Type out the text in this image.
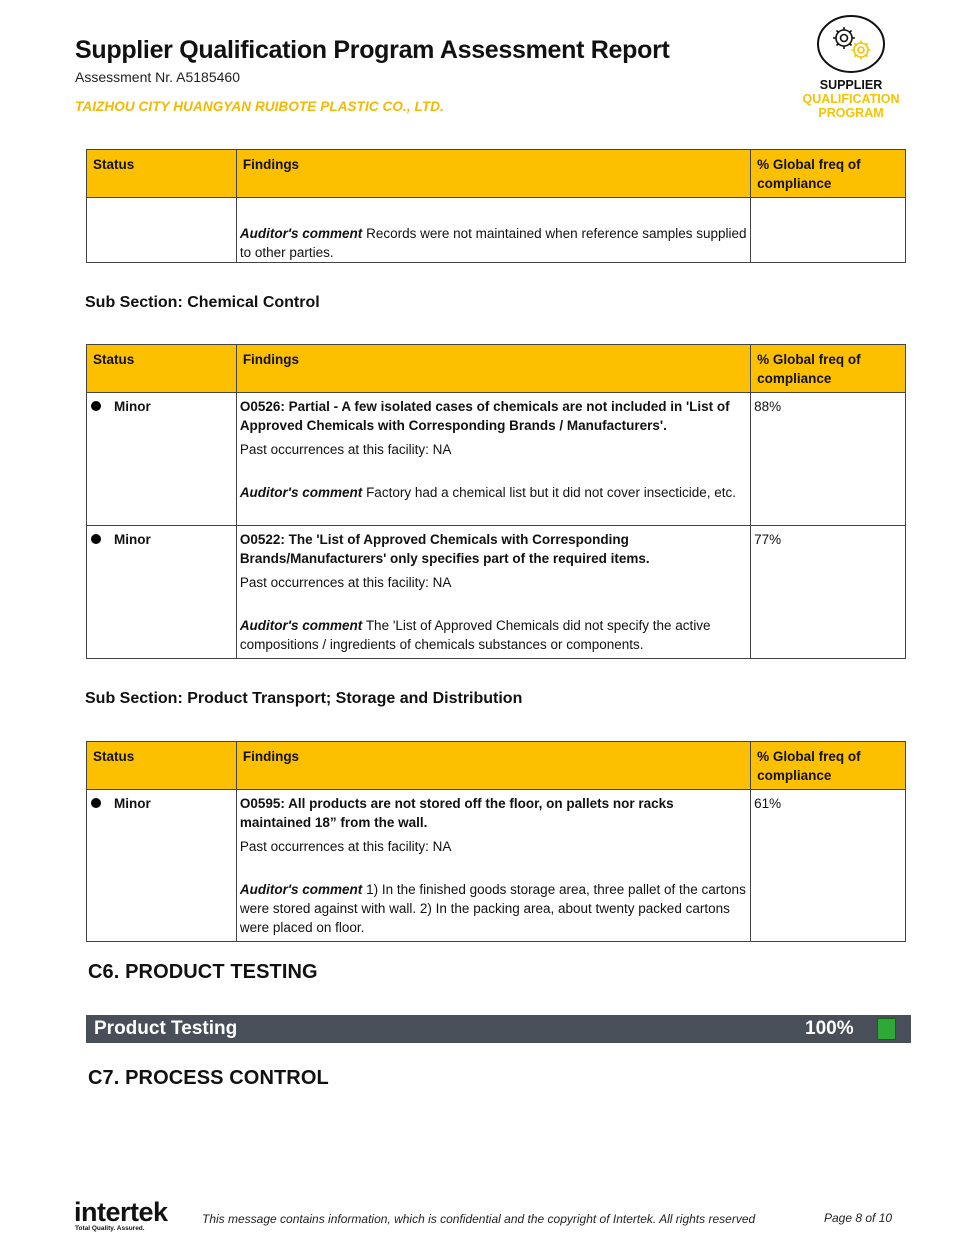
Supplier Qualification Program Assessment Report
Assessment Nr. A5185460
TAIZHOU CITY HUANGYAN RUIBOTE PLASTIC CO., LTD.
SUPPLIER
QUALIFICATION
PROGRAM
Status	Findings	% Global freq of compliance

	Auditor's comment Records were not maintained when reference samples supplied to other parties.	

Sub Section: Chemical Control
Status	Findings	% Global freq of compliance
Minor	O0526: Partial - A few isolated cases of chemicals are not included in 'List of Approved Chemicals with Corresponding Brands / Manufacturers'.
Past occurrences at this facility: NA
Auditor's comment Factory had a chemical list but it did not cover insecticide, etc.	88%
Minor	O0522: The 'List of Approved Chemicals with Corresponding Brands/Manufacturers' only specifies part of the required items.
Past occurrences at this facility: NA
Auditor's comment The 'List of Approved Chemicals did not specify the active compositions / ingredients of chemicals substances or components.	77%
Sub Section: Product Transport; Storage and Distribution
Status	Findings	% Global freq of compliance
Minor	O0595: All products are not stored off the floor, on pallets nor racks maintained 18” from the wall.
Past occurrences at this facility: NA
Auditor's comment 1) In the finished goods storage area, three pallet of the cartons were stored against with wall. 2) In the packing area, about twenty packed cartons were placed on floor.	61%
C6. PRODUCT TESTING
Product Testing	100%
C7. PROCESS CONTROL
intertek
Total Quality. Assured.
This message contains information, which is confidential and the copyright of Intertek. All rights reserved	Page 8 of 10
